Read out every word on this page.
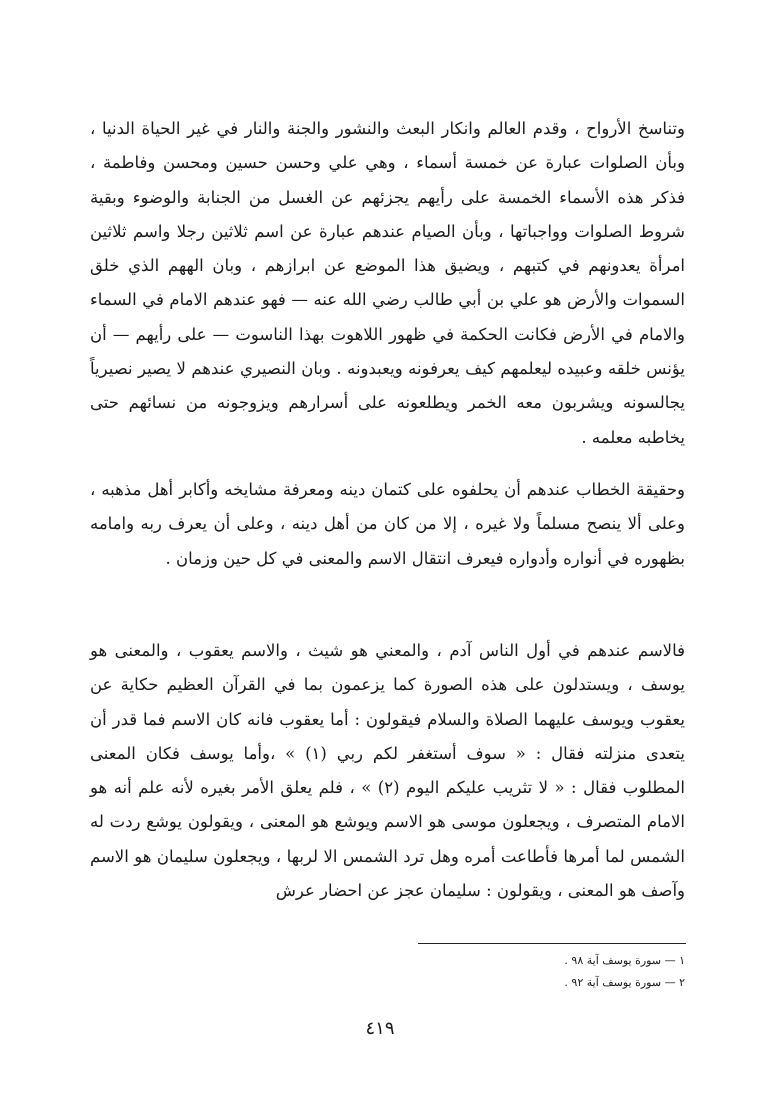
وتناسخ الأرواح ، وقدم العالم وانكار البعث والنشور والجنة والنار في غير الحياة الدنيا ، وبأن الصلوات عبارة عن خمسة أسماء ، وهي علي وحسن حسين ومحسن وفاطمة ، فذكر هذه الأسماء الخمسة على رأيهم يجزئهم عن الغسل من الجنابة والوضوء وبقية شروط الصلوات وواجباتها ، وبأن الصيام عندهم عبارة عن اسم ثلاثين رجلا واسم ثلاثين امرأة يعدونهم في كتبهم ، ويضيق هذا الموضع عن ابرازهم ، وبان الههم الذي خلق السموات والأرض هو علي بن أبي طالب رضي الله عنه — فهو عندهم الامام في السماء والامام في الأرض فكانت الحكمة في ظهور اللاهوت بهذا الناسوت — على رأيهم — أن يؤنس خلقه وعبيده ليعلمهم كيف يعرفونه ويعبدونه . وبان النصيري عندهم لا يصير نصيرياً يجالسونه ويشربون معه الخمر ويطلعونه على أسرارهم ويزوجونه من نسائهم حتى يخاطبه معلمه .

وحقيقة الخطاب عندهم أن يحلفوه على كتمان دينه ومعرفة مشايخه وأكابر أهل مذهبه ، وعلى ألا ينصح مسلماً ولا غيره ، إلا من كان من أهل دينه ، وعلى أن يعرف ربه وامامه بظهوره في أنواره وأدواره فيعرف انتقال الاسم والمعنى في كل حين وزمان .

فالاسم عندهم في أول الناس آدم ، والمعني هو شيث ، والاسم يعقوب ، والمعنى هو يوسف ، ويستدلون على هذه الصورة كما يزعمون بما في القرآن العظيم حكاية عن يعقوب ويوسف عليهما الصلاة والسلام فيقولون : أما يعقوب فانه كان الاسم فما قدر أن يتعدى منزلته فقال : « سوف أستغفر لكم ربي (١) » ،وأما يوسف فكان المعنى المطلوب فقال : « لا تثريب عليكم اليوم (٢) » ، فلم يعلق الأمر بغيره لأنه علم أنه هو الامام المتصرف ، ويجعلون موسى هو الاسم ويوشع هو المعنى ، ويقولون يوشع ردت له الشمس لما أمرها فأطاعت أمره وهل ترد الشمس الا لربها ، ويجعلون سليمان هو الاسم وآصف هو المعنى ، ويقولون : سليمان عجز عن احضار عرش

١ — سورة يوسف آية ٩٨ .
٢ — سورة يوسف آية ٩٢ .
٤١٩
